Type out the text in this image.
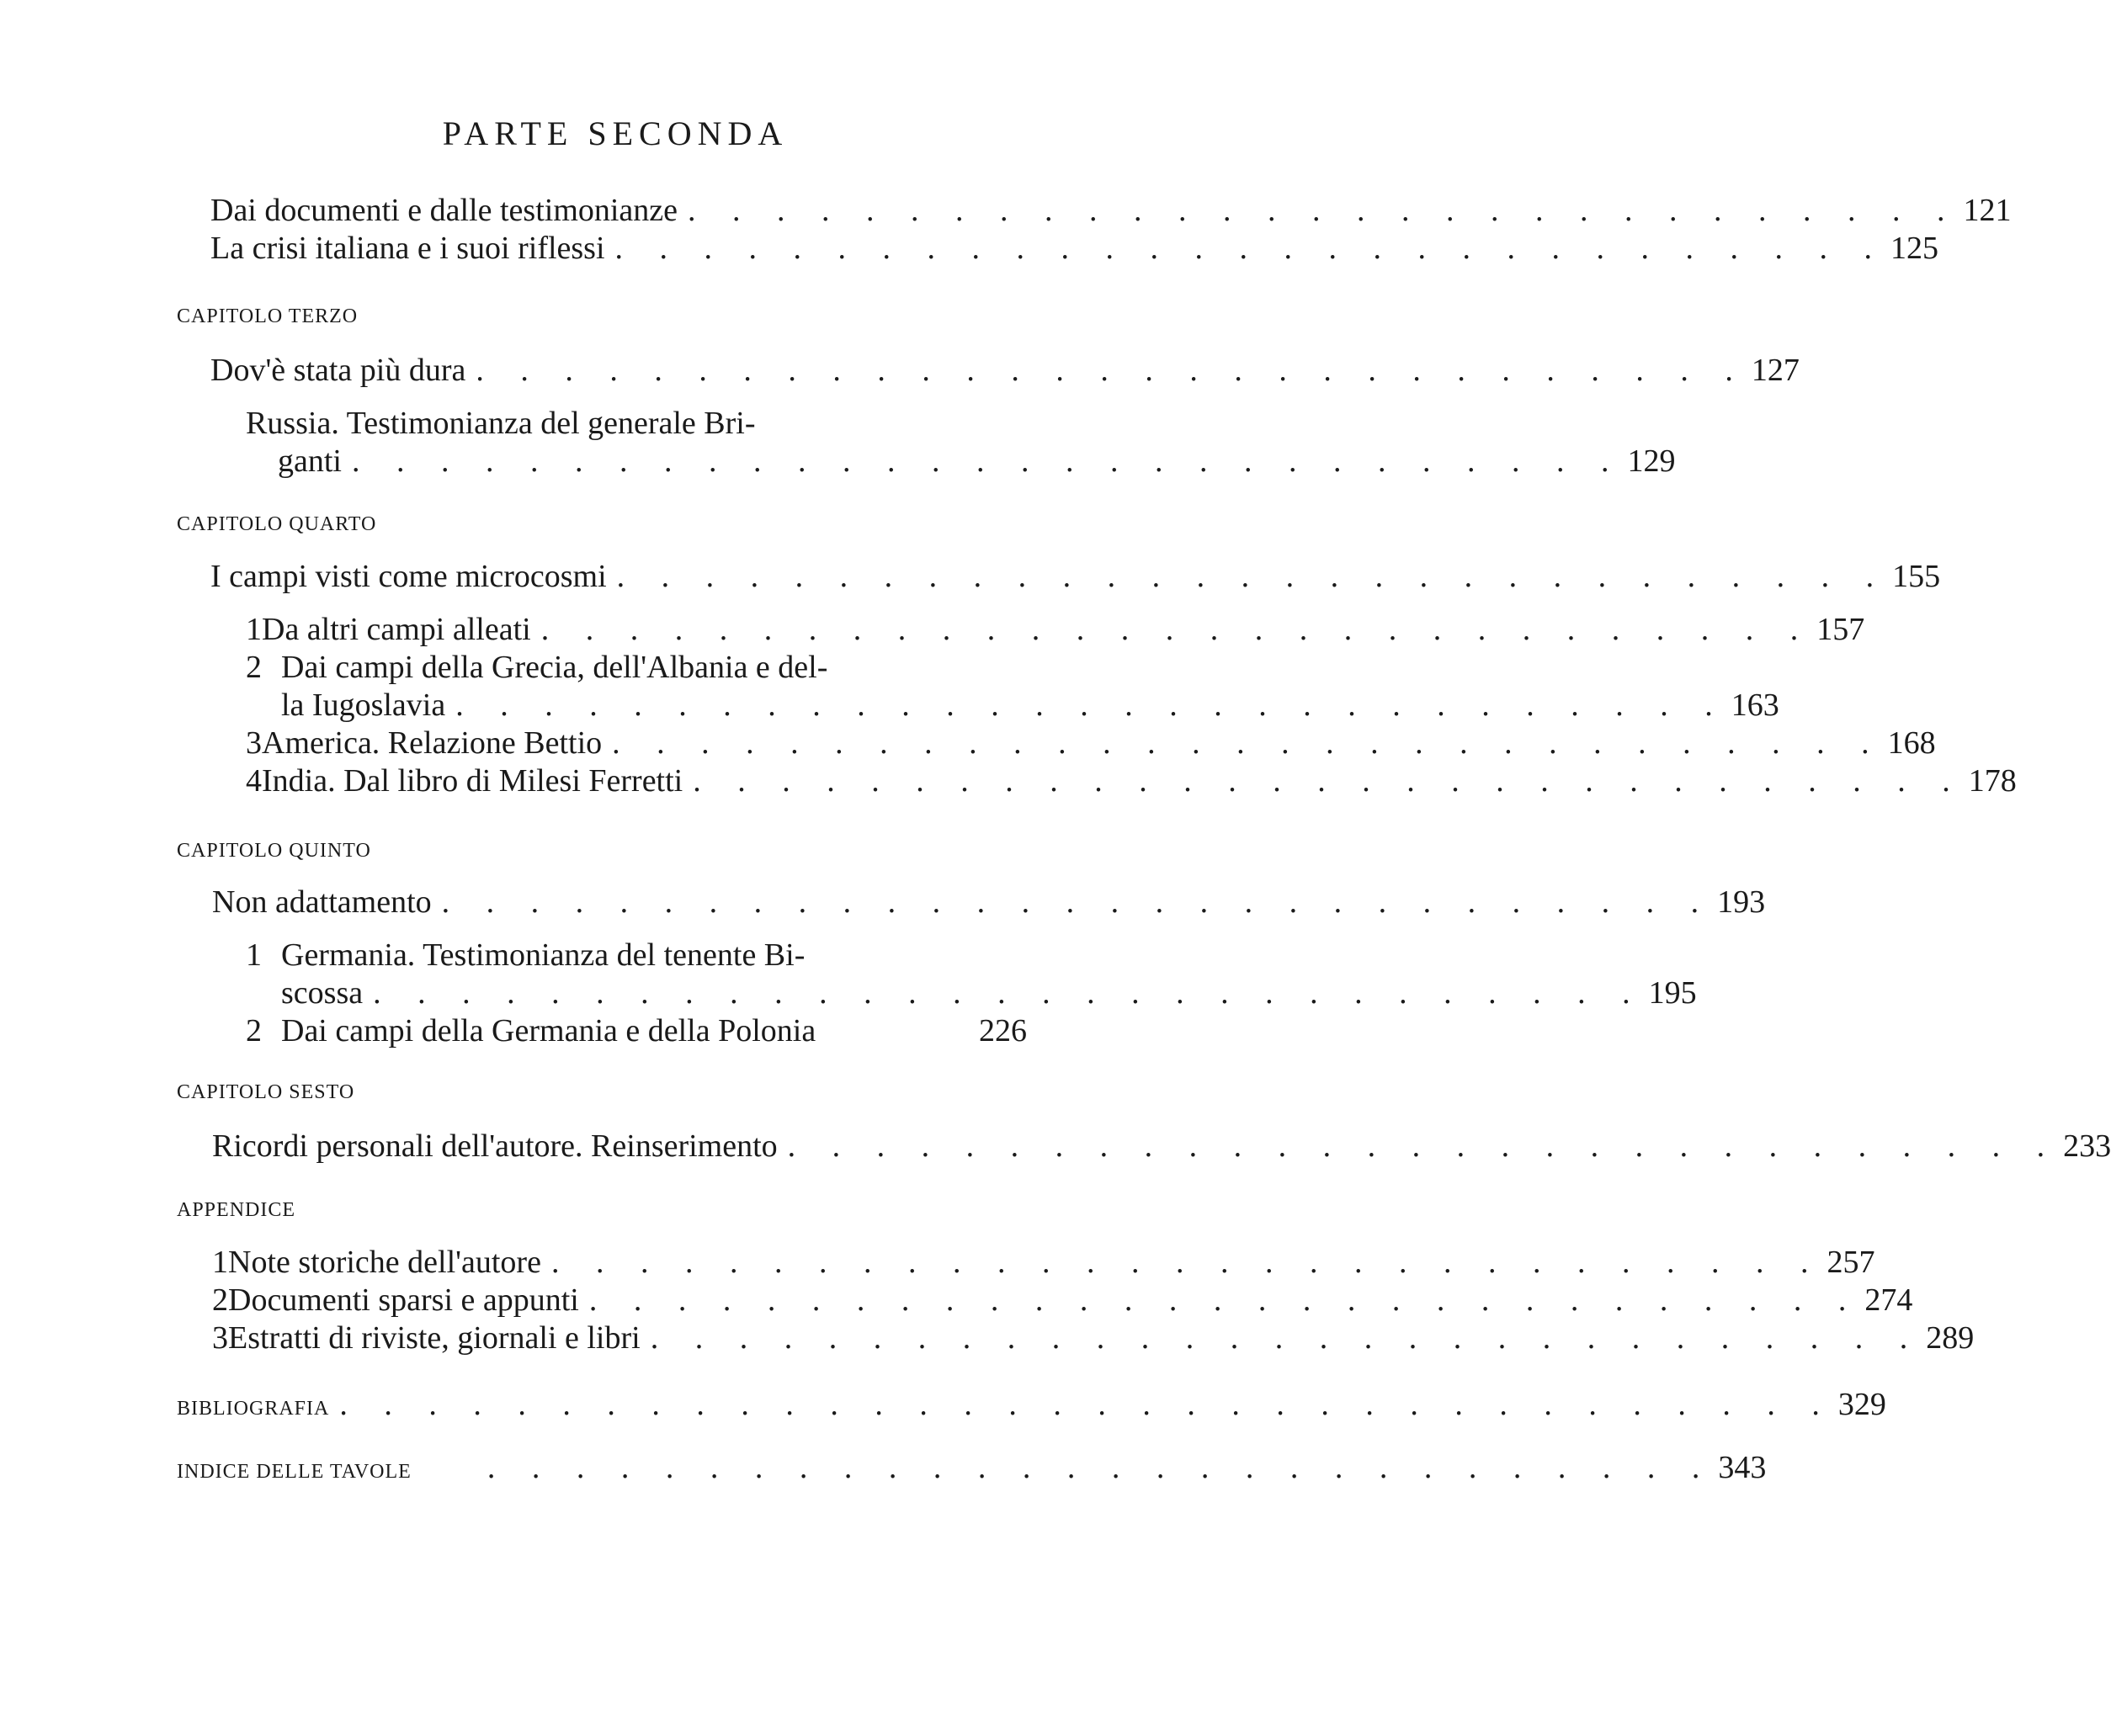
PARTE SECONDA
Dai documenti e dalle testimonianze . . . . . . . . . . . . . . . . . . . . . . . . . . . . . 121
La crisi italiana e i suoi riflessi . . . . . . . . . . . . . . . . . . . . . . . . . . . . . 125
CAPITOLO TERZO
Dov'è stata più dura . . . . . . . . . . . . . . . . . . . . . . . . . . . . . 127
Russia. Testimonianza del generale Bri-
ganti . . . . . . . . . . . . . . . . . . . . . . . . . . . . . 129
CAPITOLO QUARTO
I campi visti come microcosmi . . . . . . . . . . . . . . . . . . . . . . . . . . . . . 155
1 Da altri campi alleati . . . . . . . . . . . . . . . . . . . . . . . . . . . . . 157
2 Dai campi della Grecia, dell'Albania e del-
la Iugoslavia . . . . . . . . . . . . . . . . . . . . . . . . . . . . . 163
3 America. Relazione Bettio . . . . . . . . . . . . . . . . . . . . . . . . . . . . . 168
4 India. Dal libro di Milesi Ferretti . . . . . . . . . . . . . . . . . . . . . . . . . . . . . 178
CAPITOLO QUINTO
Non adattamento . . . . . . . . . . . . . . . . . . . . . . . . . . . . . 193
1 Germania. Testimonianza del tenente Bi-
scossa . . . . . . . . . . . . . . . . . . . . . . . . . . . . . 195
2 Dai campi della Germania e della Polonia	226
CAPITOLO SESTO
Ricordi personali dell'autore. Reinserimento . . . . . . . . . . . . . . . . . . . . . . . . . . . . . 233
APPENDICE
1 Note storiche dell'autore . . . . . . . . . . . . . . . . . . . . . . . . . . . . . 257
2 Documenti sparsi e appunti . . . . . . . . . . . . . . . . . . . . . . . . . . . . . 274
3 Estratti di riviste, giornali e libri . . . . . . . . . . . . . . . . . . . . . . . . . . . . . 289
BIBLIOGRAFIA . . . . . . . . . . . . . . . . . . . . . . . . . . . . . . . . . . 329
INDICE DELLE TAVOLE	. . . . . . . . . . . . . . . . . . . . . . . . . . . . 343
